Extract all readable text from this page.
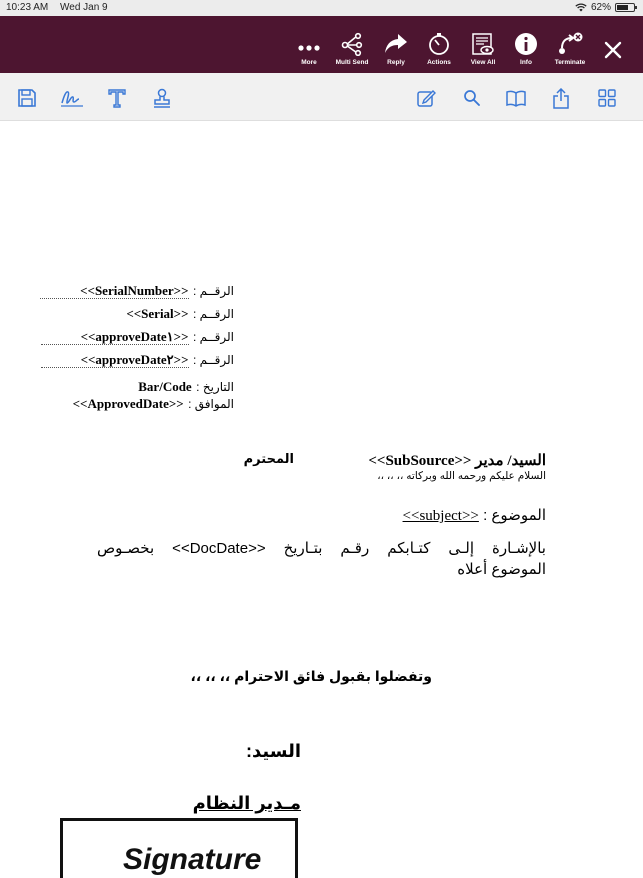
10:23 AM Wed Jan 9	62%
More	Multi Send	Reply	Actions	View All	Info	Terminate
الرقــم : <<SerialNumber>>
الرقــم : <<Serial>>
الرقــم : <<approveDate١>>
الرقــم : <<approveDate٢>>
التاريخ : Bar/Code
الموافق : <<ApprovedDate>>
السيد/ مدير <<SubSource>>
المحترم
السلام عليكم ورحمه الله وبركاته ،، ،، ،،
الموضوع : <<subject>>
بالإشـارة إلـى كتـابكم رقـم بتـاريخ <<DocDate>> بخصـوص
الموضوع أعلاه
وتفضلوا بقبول فائق الاحترام ،، ،، ،،
السيد:
مـدير النظام
Signature
